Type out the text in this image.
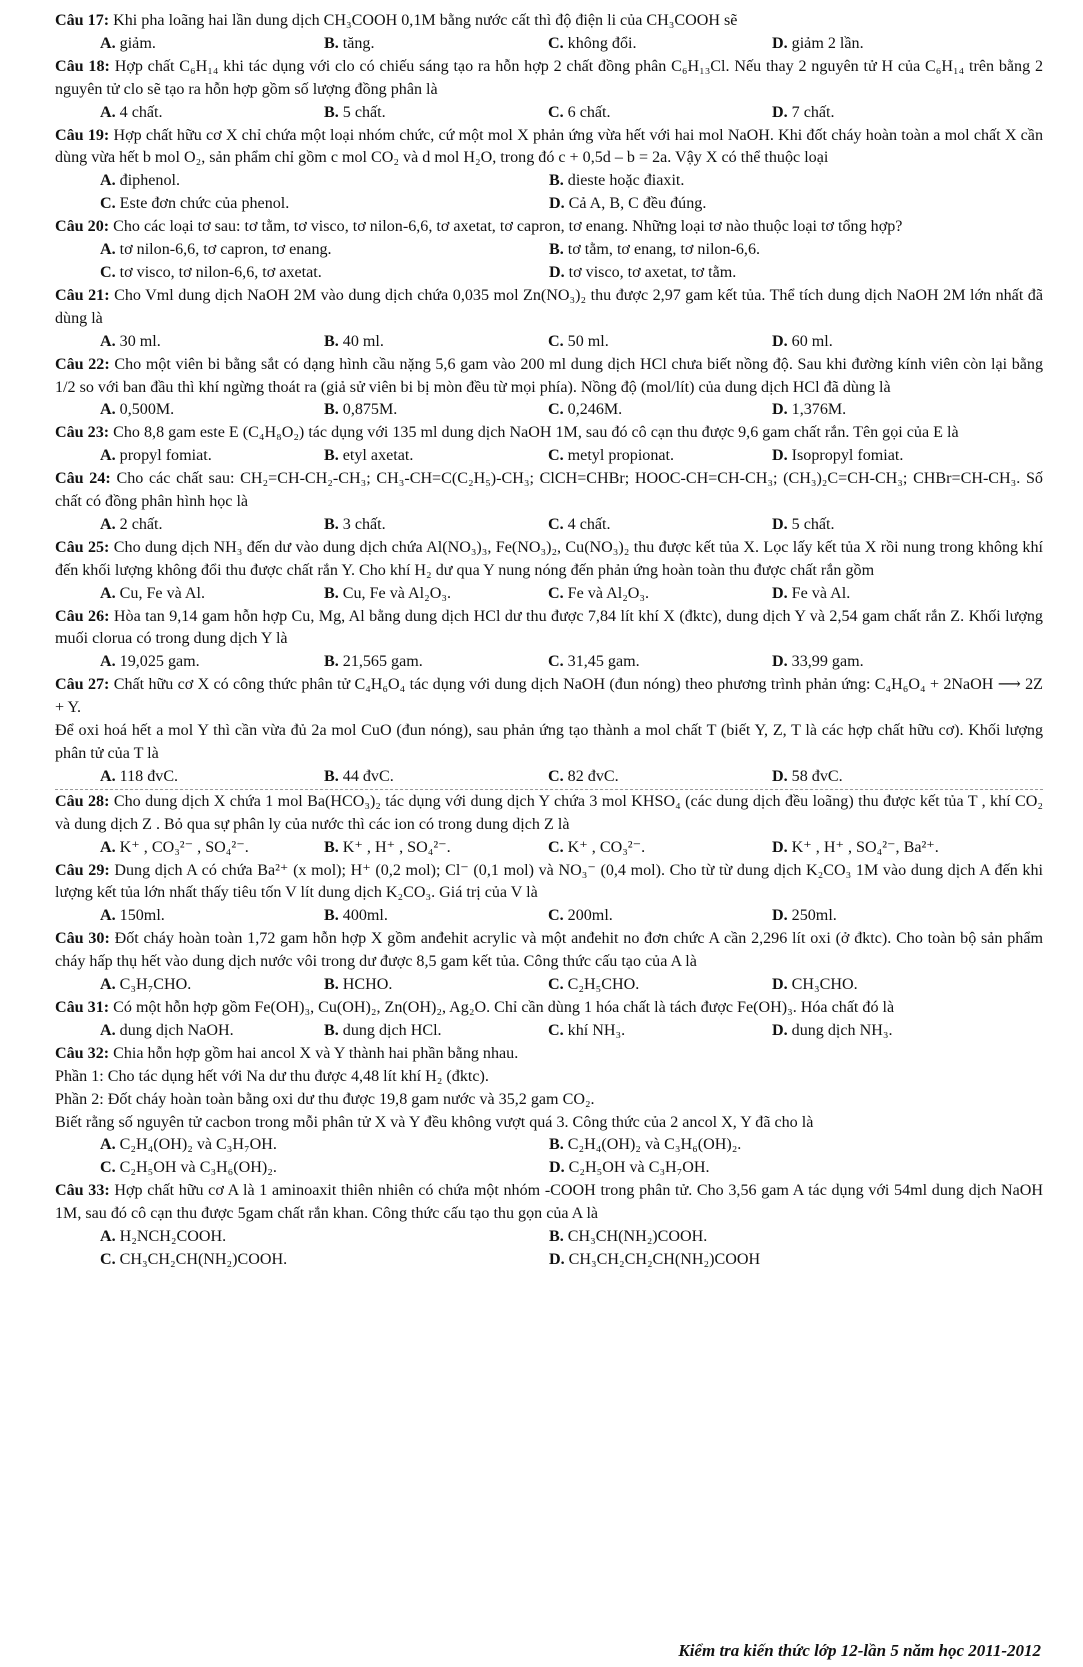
Câu 17: Khi pha loãng hai lần dung dịch CH₃COOH 0,1M bằng nước cất thì độ điện li của CH₃COOH sẽ

A. giảm.	B. tăng.	C. không đổi.	D. giảm 2 lần.

Câu 18: Hợp chất C₆H₁₄ khi tác dụng với clo có chiếu sáng tạo ra hỗn hợp 2 chất đồng phân C₆H₁₃Cl. Nếu thay 2 nguyên tử H của C₆H₁₄ trên bằng 2 nguyên tử clo sẽ tạo ra hỗn hợp gồm số lượng đồng phân là

A. 4 chất.	B. 5 chất.	C. 6 chất.	D. 7 chất.

Câu 19: Hợp chất hữu cơ X chỉ chứa một loại nhóm chức, cứ một mol X phản ứng vừa hết với hai mol NaOH. Khi đốt cháy hoàn toàn a mol chất X cần dùng vừa hết b mol O₂, sản phẩm chỉ gồm c mol CO₂ và d mol H₂O, trong đó c + 0,5d – b = 2a. Vậy X có thể thuộc loại

A. điphenol.	B. dieste hoặc điaxit.
C. Este đơn chức của phenol.	D. Cả A, B, C đều đúng.

Câu 20: Cho các loại tơ sau: tơ tằm, tơ visco, tơ nilon-6,6, tơ axetat, tơ capron, tơ enang. Những loại tơ nào thuộc loại tơ tổng hợp?

A. tơ nilon-6,6, tơ capron, tơ enang.	B. tơ tằm, tơ enang, tơ nilon-6,6.
C. tơ visco, tơ nilon-6,6, tơ axetat.	D. tơ visco, tơ axetat, tơ tằm.

Câu 21: Cho Vml dung dịch NaOH 2M vào dung dịch chứa 0,035 mol Zn(NO₃)₂ thu được 2,97 gam kết tủa. Thể tích dung dịch NaOH 2M lớn nhất đã dùng là

A. 30 ml.	B. 40 ml.	C. 50 ml.	D. 60 ml.

Câu 22: Cho một viên bi bằng sắt có dạng hình cầu nặng 5,6 gam vào 200 ml dung dịch HCl chưa biết nồng độ. Sau khi đường kính viên còn lại bằng 1/2 so với ban đầu thì khí ngừng thoát ra (giả sử viên bi bị mòn đều từ mọi phía). Nồng độ (mol/lít) của dung dịch HCl đã dùng là

A. 0,500M.	B. 0,875M.	C. 0,246M.	D. 1,376M.

Câu 23: Cho 8,8 gam este E (C₄H₈O₂) tác dụng với 135 ml dung dịch NaOH 1M, sau đó cô cạn thu được 9,6 gam chất rắn. Tên gọi của E là

A. propyl fomiat.	B. etyl axetat.	C. metyl propionat.	D. Isopropyl fomiat.

Câu 24: Cho các chất sau: CH₂=CH-CH₂-CH₃; CH₃-CH=C(C₂H₅)-CH₃; ClCH=CHBr; HOOC-CH=CH-CH₃; (CH₃)₂C=CH-CH₃; CHBr=CH-CH₃. Số chất có đồng phân hình học là

A. 2 chất.	B. 3 chất.	C. 4 chất.	D. 5 chất.

Câu 25: Cho dung dịch NH₃ đến dư vào dung dịch chứa Al(NO₃)₃, Fe(NO₃)₂, Cu(NO₃)₂ thu được kết tủa X. Lọc lấy kết tủa X rồi nung trong không khí đến khối lượng không đổi thu được chất rắn Y. Cho khí H₂ dư qua Y nung nóng đến phản ứng hoàn toàn thu được chất rắn gồm

A. Cu, Fe và Al.	B. Cu, Fe và Al₂O₃.	C. Fe và Al₂O₃.	D. Fe và Al.

Câu 26: Hòa tan 9,14 gam hỗn hợp Cu, Mg, Al bằng dung dịch HCl dư thu được 7,84 lít khí X (đktc), dung dịch Y và 2,54 gam chất rắn Z. Khối lượng muối clorua có trong dung dịch Y là

A. 19,025 gam.	B. 21,565 gam.	C. 31,45 gam.	D. 33,99 gam.

Câu 27: Chất hữu cơ X có công thức phân tử C₄H₆O₄ tác dụng với dung dịch NaOH (đun nóng) theo phương trình phản ứng: C₄H₆O₄ + 2NaOH ⟶ 2Z + Y.

Để oxi hoá hết a mol Y thì cần vừa đủ 2a mol CuO (đun nóng), sau phản ứng tạo thành a mol chất T (biết Y, Z, T là các hợp chất hữu cơ). Khối lượng phân tử của T là

A. 118 đvC.	B. 44 đvC.	C. 82 đvC.	D. 58 đvC.

Câu 28: Cho dung dịch X chứa 1 mol Ba(HCO₃)₂ tác dụng với dung dịch Y chứa 3 mol KHSO₄ (các dung dịch đều loãng) thu được kết tủa T , khí CO₂ và dung dịch Z . Bỏ qua sự phân ly của nước thì các ion có trong dung dịch Z là

A. K⁺ , CO₃²⁻ , SO₄²⁻.	B. K⁺ , H⁺ , SO₄²⁻.	C. K⁺ , CO₃²⁻.	D. K⁺ , H⁺ , SO₄²⁻, Ba²⁺.

Câu 29: Dung dịch A có chứa Ba²⁺ (x mol); H⁺ (0,2 mol); Cl⁻ (0,1 mol) và NO₃⁻ (0,4 mol). Cho từ từ dung dịch K₂CO₃ 1M vào dung dịch A đến khi lượng kết tủa lớn nhất thấy tiêu tốn V lít dung dịch K₂CO₃. Giá trị của V là

A. 150ml.	B. 400ml.	C. 200ml.	D. 250ml.

Câu 30: Đốt cháy hoàn toàn 1,72 gam hỗn hợp X gồm anđehit acrylic và một anđehit no đơn chức A cần 2,296 lít oxi (ở đktc). Cho toàn bộ sản phẩm cháy hấp thụ hết vào dung dịch nước vôi trong dư được 8,5 gam kết tủa. Công thức cấu tạo của A là

A. C₃H₇CHO.	B. HCHO.	C. C₂H₅CHO.	D. CH₃CHO.

Câu 31: Có một hỗn hợp gồm Fe(OH)₃, Cu(OH)₂, Zn(OH)₂, Ag₂O. Chỉ cần dùng 1 hóa chất là tách được Fe(OH)₃. Hóa chất đó là

A. dung dịch NaOH.	B. dung dịch HCl.	C. khí NH₃.	D. dung dịch NH₃.

Câu 32: Chia hỗn hợp gồm hai ancol X và Y thành hai phần bằng nhau.

Phần 1: Cho tác dụng hết với Na dư thu được 4,48 lít khí H₂ (đktc).

Phần 2: Đốt cháy hoàn toàn bằng oxi dư thu được 19,8 gam nước và 35,2 gam CO₂.

Biết rằng số nguyên tử cacbon trong mỗi phân tử X và Y đều không vượt quá 3. Công thức của 2 ancol X, Y đã cho là

A. C₂H₄(OH)₂ và C₃H₇OH.	B. C₂H₄(OH)₂ và C₃H₆(OH)₂.
C. C₂H₅OH và C₃H₆(OH)₂.	D. C₂H₅OH và C₃H₇OH.

Câu 33: Hợp chất hữu cơ A là 1 aminoaxit thiên nhiên có chứa một nhóm -COOH trong phân tử. Cho 3,56 gam A tác dụng với 54ml dung dịch NaOH 1M, sau đó cô cạn thu được 5gam chất rắn khan. Công thức cấu tạo thu gọn của A là

A. H₂NCH₂COOH.	B. CH₃CH(NH₂)COOH.
C. CH₃CH₂CH(NH₂)COOH.	D. CH₃CH₂CH₂CH(NH₂)COOH
Kiểm tra kiến thức lớp 12-lần 5 năm học 2011-2012
